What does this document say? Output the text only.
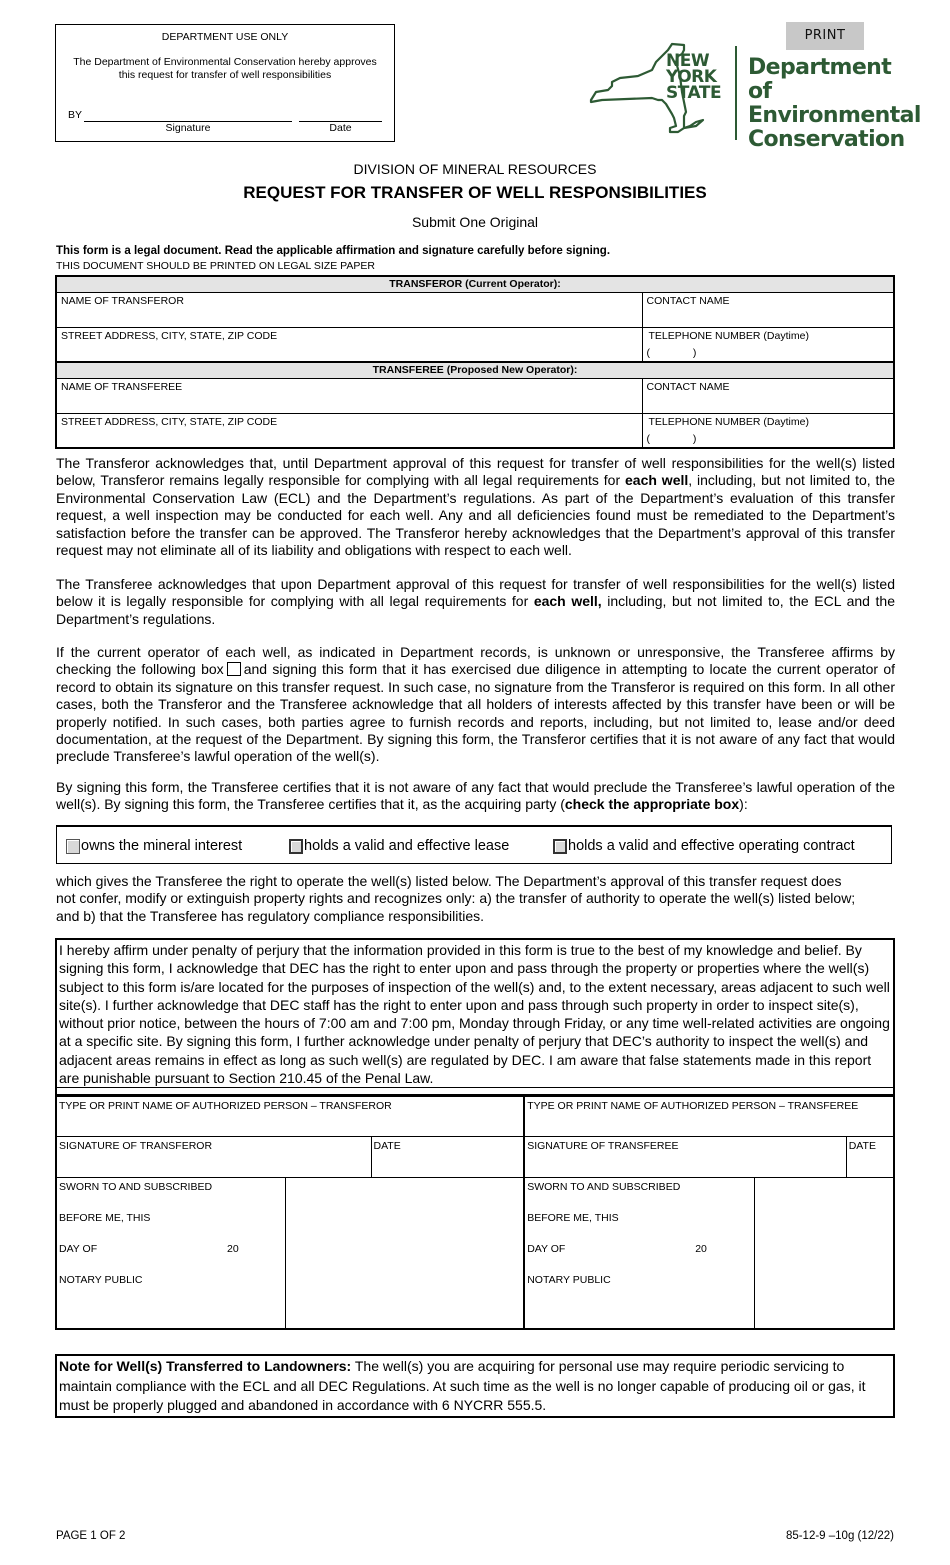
DEPARTMENT USE ONLY
The Department of Environmental Conservation hereby approves this request for transfer of well responsibilities
BY
Signature	Date
PRINT
NEW
YORK
STATE
Department of
Environmental
Conservation
DIVISION OF MINERAL RESOURCES
REQUEST FOR TRANSFER OF WELL RESPONSIBILITIES
Submit One Original
This form is a legal document. Read the applicable affirmation and signature carefully before signing.
THIS DOCUMENT SHOULD BE PRINTED ON LEGAL SIZE PAPER
TRANSFEROR (Current Operator):	
NAME OF TRANSFEROR	CONTACT NAME
STREET ADDRESS, CITY, STATE, ZIP CODE	TELEPHONE NUMBER (Daytime)
( )

TRANSFEREE (Proposed New Operator):	
NAME OF TRANSFEREE	CONTACT NAME
STREET ADDRESS, CITY, STATE, ZIP CODE	TELEPHONE NUMBER (Daytime)
( )
The Transferor acknowledges that, until Department approval of this request for transfer of well responsibilities for the well(s) listed below, Transferor remains legally responsible for complying with all legal requirements for each well, including, but not limited to, the Environmental Conservation Law (ECL) and the Department’s regulations. As part of the Department’s evaluation of this transfer request, a well inspection may be conducted for each well. Any and all deficiencies found must be remediated to the Department’s satisfaction before the transfer can be approved. The Transferor hereby acknowledges that the Department’s approval of this transfer request may not eliminate all of its liability and obligations with respect to each well.
The Transferee acknowledges that upon Department approval of this request for transfer of well responsibilities for the well(s) listed below it is legally responsible for complying with all legal requirements for each well, including, but not limited to, the ECL and the Department’s regulations.
If the current operator of each well, as indicated in Department records, is unknown or unresponsive, the Transferee affirms by checking the following box and signing this form that it has exercised due diligence in attempting to locate the current operator of record to obtain its signature on this transfer request. In such case, no signature from the Transferor is required on this form. In all other cases, both the Transferor and the Transferee acknowledge that all holders of interests affected by this transfer have been or will be properly notified. In such cases, both parties agree to furnish records and reports, including, but not limited to, lease and/or deed documentation, at the request of the Department. By signing this form, the Transferor certifies that it is not aware of any fact that would preclude Transferee’s lawful operation of the well(s).
By signing this form, the Transferee certifies that it is not aware of any fact that would preclude the Transferee’s lawful operation of the well(s). By signing this form, the Transferee certifies that it, as the acquiring party (check the appropriate box):
owns the mineral interest	holds a valid and effective lease	holds a valid and effective operating contract
which gives the Transferee the right to operate the well(s) listed below. The Department’s approval of this transfer request does not confer, modify or extinguish property rights and recognizes only: a) the transfer of authority to operate the well(s) listed below; and b) that the Transferee has regulatory compliance responsibilities.
I hereby affirm under penalty of perjury that the information provided in this form is true to the best of my knowledge and belief. By signing this form, I acknowledge that DEC has the right to enter upon and pass through the property or properties where the well(s) subject to this form is/are located for the purposes of inspection of the well(s) and, to the extent necessary, areas adjacent to such well site(s). I further acknowledge that DEC staff has the right to enter upon and pass through such property in order to inspect site(s), without prior notice, between the hours of 7:00 am and 7:00 pm, Monday through Friday, or any time well-related activities are ongoing at a specific site. By signing this form, I further acknowledge under penalty of perjury that DEC’s authority to inspect the well(s) and adjacent areas remains in effect as long as such well(s) are regulated by DEC. I am aware that false statements made in this report are punishable pursuant to Section 210.45 of the Penal Law.
TYPE OR PRINT NAME OF AUTHORIZED PERSON – TRANSFEROR		TYPE OR PRINT NAME OF AUTHORIZED PERSON – TRANSFEREE	
SIGNATURE OF TRANSFEROR	DATE	SIGNATURE OF TRANSFEREE	DATE

SWORN TO AND SUBSCRIBED
BEFORE ME, THIS
DAY OF	20
NOTARY PUBLIC

SWORN TO AND SUBSCRIBED
BEFORE ME, THIS
DAY OF	20
NOTARY PUBLIC
Note for Well(s) Transferred to Landowners: The well(s) you are acquiring for personal use may require periodic servicing to maintain compliance with the ECL and all DEC Regulations. At such time as the well is no longer capable of producing oil or gas, it must be properly plugged and abandoned in accordance with 6 NYCRR 555.5.
PAGE 1 OF 2	85-12-9 –10g (12/22)
